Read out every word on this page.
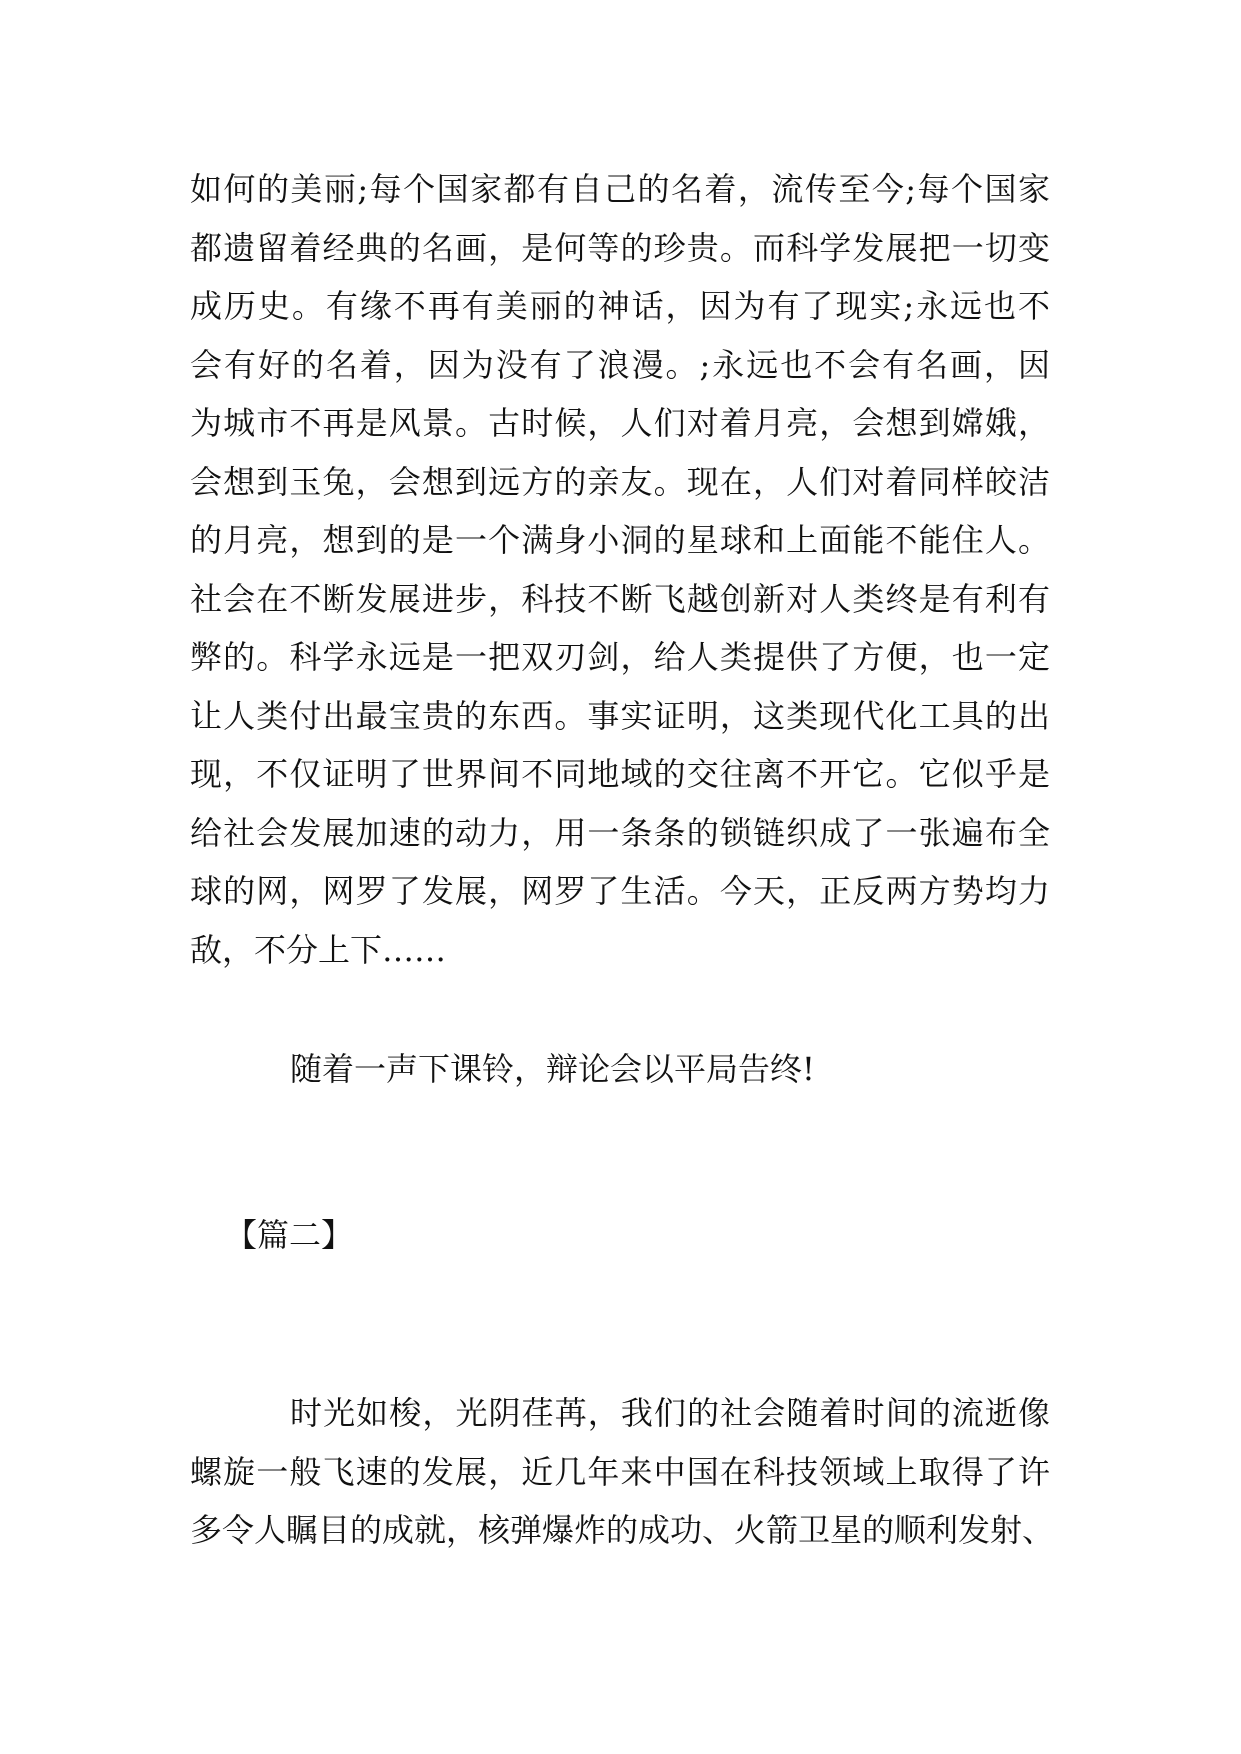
如何的美丽;每个国家都有自己的名着，流传至今;每个国家
都遗留着经典的名画，是何等的珍贵。而科学发展把一切变
成历史。有缘不再有美丽的神话，因为有了现实;永远也不
会有好的名着，因为没有了浪漫。;永远也不会有名画，因
为城市不再是风景。古时候，人们对着月亮，会想到嫦娥，
会想到玉兔，会想到远方的亲友。现在，人们对着同样皎洁
的月亮，想到的是一个满身小洞的星球和上面能不能住人。
社会在不断发展进步，科技不断飞越创新对人类终是有利有
弊的。科学永远是一把双刃剑，给人类提供了方便，也一定
让人类付出最宝贵的东西。事实证明，这类现代化工具的出
现，不仅证明了世界间不同地域的交往离不开它。它似乎是
给社会发展加速的动力，用一条条的锁链织成了一张遍布全
球的网，网罗了发展，网罗了生活。今天，正反两方势均力
敌，不分上下……
随着一声下课铃，辩论会以平局告终!
【篇二】
时光如梭，光阴荏苒，我们的社会随着时间的流逝像
螺旋一般飞速的发展，近几年来中国在科技领域上取得了许
多令人瞩目的成就，核弹爆炸的成功、火箭卫星的顺利发射、
